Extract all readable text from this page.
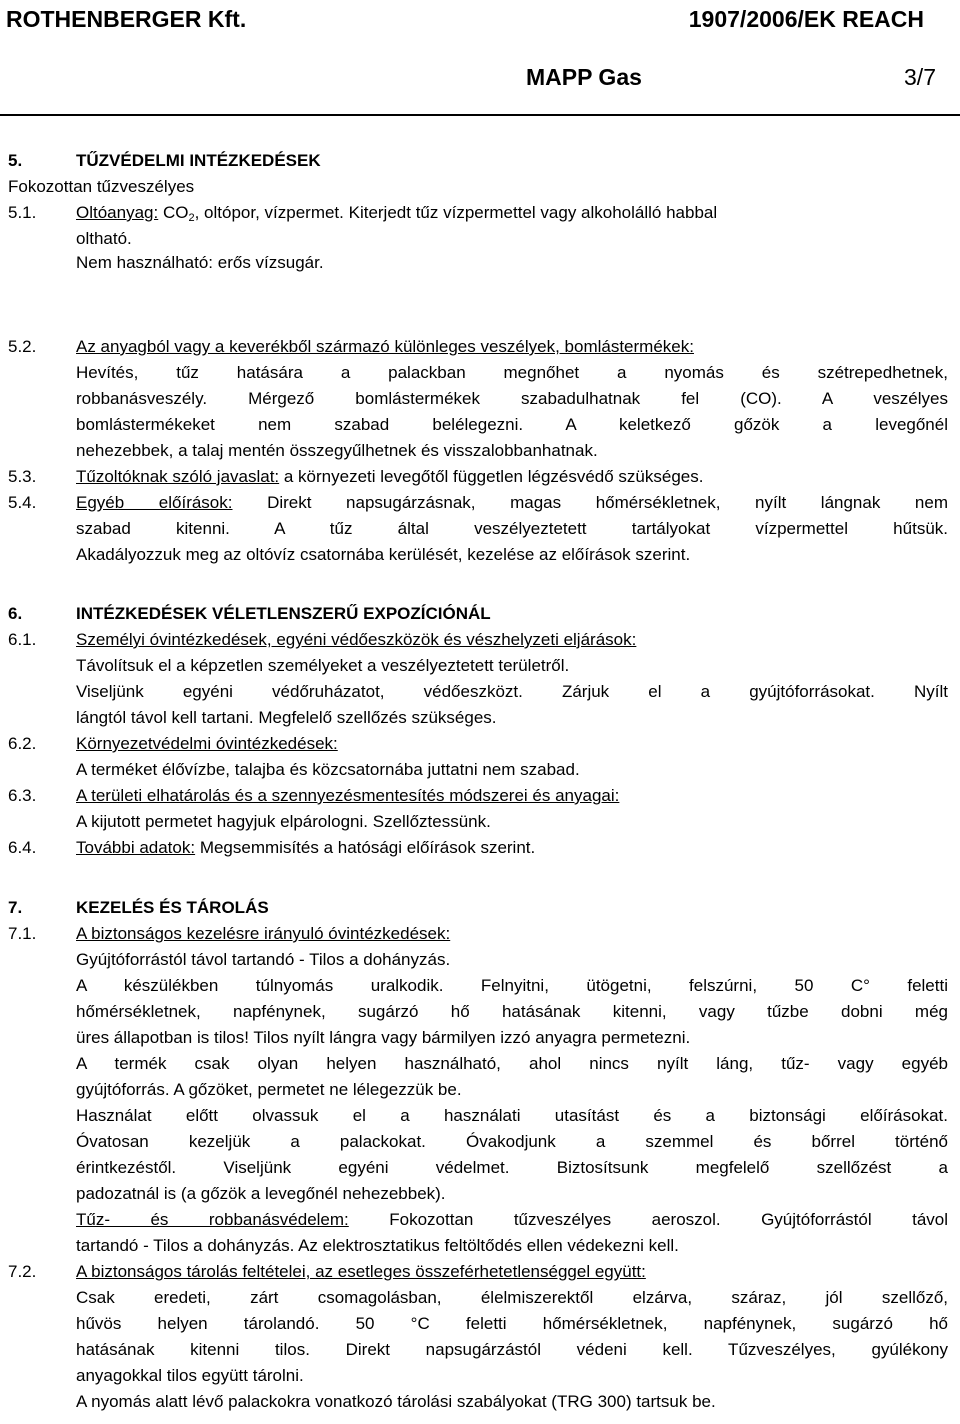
ROTHENBERGER Kft.	1907/2006/EK REACH
MAPP Gas	3/7
5.	TŰZVÉDELMI INTÉZKEDÉSEK
Fokozottan tűzveszélyes
5.1. Oltóanyag: $CO_2$, oltópor, vízpermet. Kiterjedt tűz vízpermettel vagy alkoholálló habbal
oltható.
Nem használható: erős vízsugár.
5.2. Az anyagból vagy a keverékből származó különleges veszélyek, bomlástermékek:
Hevítés, tűz hatására a palackban megnőhet a nyomás és szétrepedhetnek,
robbanásveszély. Mérgező bomlástermékek szabadulhatnak fel (CO). A veszélyes
bomlástermékeket nem szabad belélegezni. A keletkező gőzök a levegőnél
nehezebbek, a talaj mentén összegyűlhetnek és visszalobbanhatnak.
5.3. Tűzoltóknak szóló javaslat: a környezeti levegőtől független légzésvédő szükséges.
5.4. Egyéb előírások: Direkt napsugárzásnak, magas hőmérsékletnek, nyílt lángnak nem
szabad kitenni. A tűz által veszélyeztetett tartályokat vízpermettel hűtsük.
Akadályozzuk meg az oltóvíz csatornába kerülését, kezelése az előírások szerint.
6.	INTÉZKEDÉSEK VÉLETLENSZERŰ EXPOZÍCIÓNÁL
6.1. Személyi óvintézkedések, egyéni védőeszközök és vészhelyzeti eljárások:
Távolítsuk el a képzetlen személyeket a veszélyeztetett területről.
Viseljünk egyéni védőruházatot, védőeszközt. Zárjuk el a gyújtóforrásokat. Nyílt
lángtól távol kell tartani. Megfelelő szellőzés szükséges.
6.2. Környezetvédelmi óvintézkedések:
A terméket élővízbe, talajba és közcsatornába juttatni nem szabad.
6.3. A területi elhatárolás és a szennyezésmentesítés módszerei és anyagai:
A kijutott permetet hagyjuk elpárologni. Szellőztessünk.
6.4. További adatok: Megsemmisítés a hatósági előírások szerint.
7.	KEZELÉS ÉS TÁROLÁS
7.1. A biztonságos kezelésre irányuló óvintézkedések:
Gyújtóforrástól távol tartandó - Tilos a dohányzás.
A készülékben túlnyomás uralkodik. Felnyitni, ütögetni, felszúrni, 50 C° feletti
hőmérsékletnek, napfénynek, sugárzó hő hatásának kitenni, vagy tűzbe dobni még
üres állapotban is tilos! Tilos nyílt lángra vagy bármilyen izzó anyagra permetezni.
A termék csak olyan helyen használható, ahol nincs nyílt láng, tűz- vagy egyéb
gyújtóforrás. A gőzöket, permetet ne lélegezzük be.
Használat előtt olvassuk el a használati utasítást és a biztonsági előírásokat.
Óvatosan kezeljük a palackokat. Óvakodjunk a szemmel és bőrrel történő
érintkezéstől. Viseljünk egyéni védelmet. Biztosítsunk megfelelő szellőzést a
padozatnál is (a gőzök a levegőnél nehezebbek).
Tűz- és robbanásvédelem: Fokozottan tűzveszélyes aeroszol. Gyújtóforrástól távol
tartandó - Tilos a dohányzás. Az elektrosztatikus feltöltődés ellen védekezni kell.
7.2. A biztonságos tárolás feltételei, az esetleges összeférhetetlenséggel együtt:
Csak eredeti, zárt csomagolásban, élelmiszerektől elzárva, száraz, jól szellőző,
hűvös helyen tárolandó. 50 °C feletti hőmérsékletnek, napfénynek, sugárzó hő
hatásának kitenni tilos. Direkt napsugárzástól védeni kell. Tűzveszélyes, gyúlékony
anyagokkal tilos együtt tárolni.
A nyomás alatt lévő palackokra vonatkozó tárolási szabályokat (TRG 300) tartsuk be.
